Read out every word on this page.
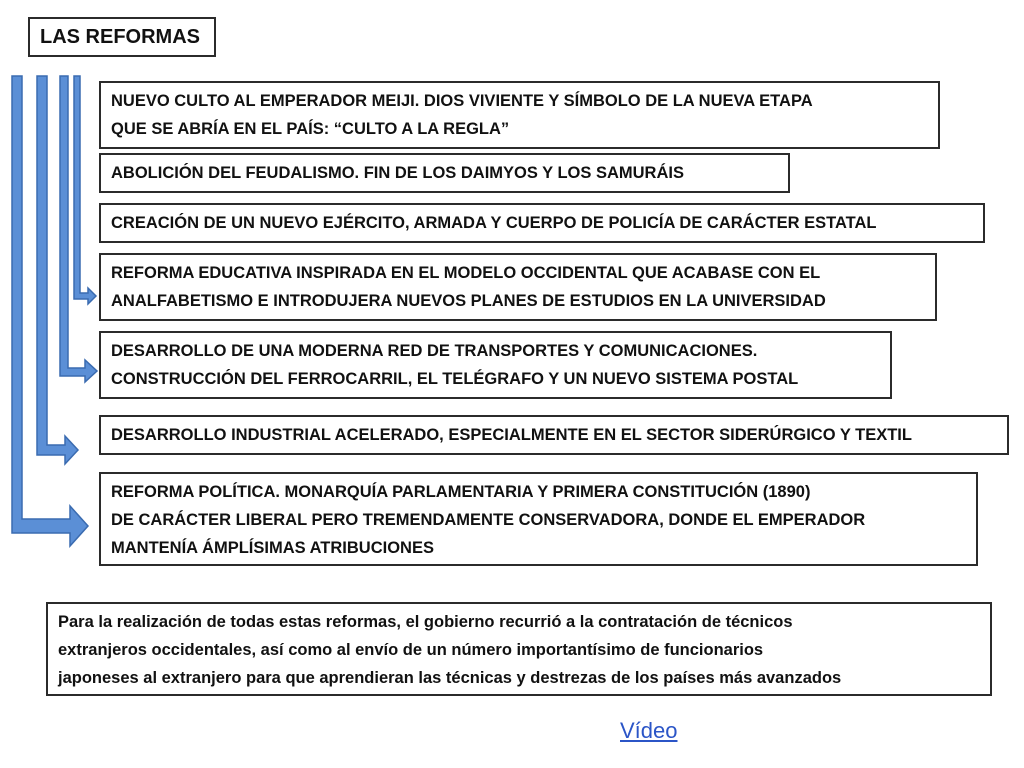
LAS REFORMAS
NUEVO CULTO AL EMPERADOR MEIJI. DIOS VIVIENTE Y SÍMBOLO DE LA NUEVA ETAPA
QUE SE ABRÍA EN EL PAÍS: “CULTO A LA REGLA”
ABOLICIÓN DEL FEUDALISMO. FIN DE LOS DAIMYOS Y LOS SAMURÁIS
CREACIÓN DE UN NUEVO EJÉRCITO, ARMADA Y CUERPO DE POLICÍA DE CARÁCTER ESTATAL
REFORMA EDUCATIVA INSPIRADA EN EL MODELO OCCIDENTAL QUE ACABASE CON EL
ANALFABETISMO E INTRODUJERA NUEVOS PLANES DE ESTUDIOS EN LA UNIVERSIDAD
DESARROLLO DE UNA MODERNA RED DE TRANSPORTES Y COMUNICACIONES.
CONSTRUCCIÓN DEL FERROCARRIL, EL TELÉGRAFO Y UN NUEVO SISTEMA POSTAL
DESARROLLO INDUSTRIAL ACELERADO, ESPECIALMENTE EN EL SECTOR SIDERÚRGICO Y TEXTIL
REFORMA POLÍTICA. MONARQUÍA PARLAMENTARIA Y PRIMERA CONSTITUCIÓN (1890)
DE CARÁCTER LIBERAL PERO TREMENDAMENTE CONSERVADORA, DONDE EL EMPERADOR
MANTENÍA ÁMPLÍSIMAS ATRIBUCIONES
Para la realización de todas estas reformas, el gobierno recurrió a la contratación de técnicos
extranjeros occidentales, así como al envío de un número importantísimo de funcionarios
japoneses al extranjero para que aprendieran las técnicas y destrezas de los países más avanzados
Vídeo
